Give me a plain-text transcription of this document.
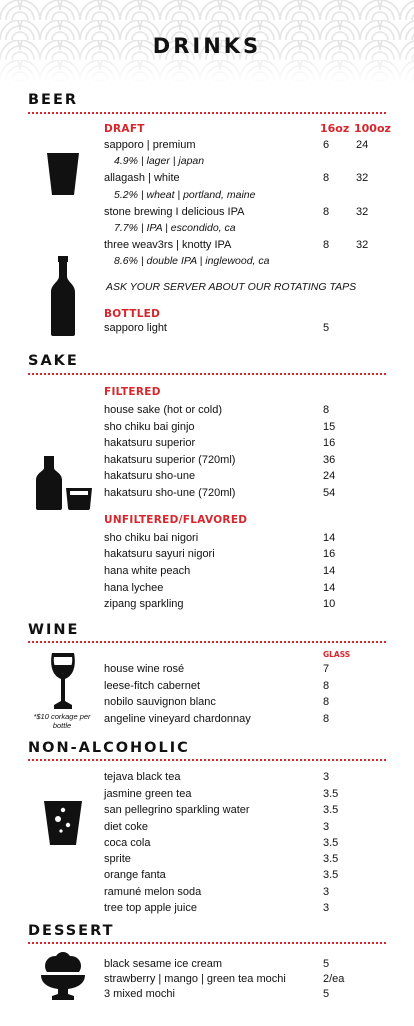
DRINKS
BEER
DRAFT	16oz 100oz
sapporo | premium	6 24
4.9% | lager | japan
allagash | white	8 32
5.2% | wheat | portland, maine
stone brewing I delicious IPA	8 32
7.7% | IPA | escondido, ca
three weav3rs | knotty IPA	8 32
8.6% | double IPA | inglewood, ca
ASK YOUR SERVER ABOUT OUR ROTATING TAPS
BOTTLED
sapporo light	5
SAKE
FILTERED
house sake (hot or cold)	8
sho chiku bai ginjo	15
hakatsuru superior	16
hakatsuru superior (720ml)	36
hakatsuru sho-une	24
hakatsuru sho-une (720ml)	54
UNFILTERED/FLAVORED
sho chiku bai nigori	14
hakatsuru sayuri nigori	16
hana white peach	14
hana lychee	14
zipang sparkling	10
WINE
GLASS
house wine rosé	7
leese-fitch cabernet	8
nobilo sauvignon blanc	8
angeline vineyard chardonnay	8
*$10 corkage per bottle
NON-ALCOHOLIC
tejava black tea	3
jasmine green tea	3.5
san pellegrino sparkling water	3.5
diet coke	3
coca cola	3.5
sprite	3.5
orange fanta	3.5
ramuné melon soda	3
tree top apple juice	3
DESSERT
black sesame ice cream	5
strawberry | mango | green tea mochi	2/ea
3 mixed mochi	5
